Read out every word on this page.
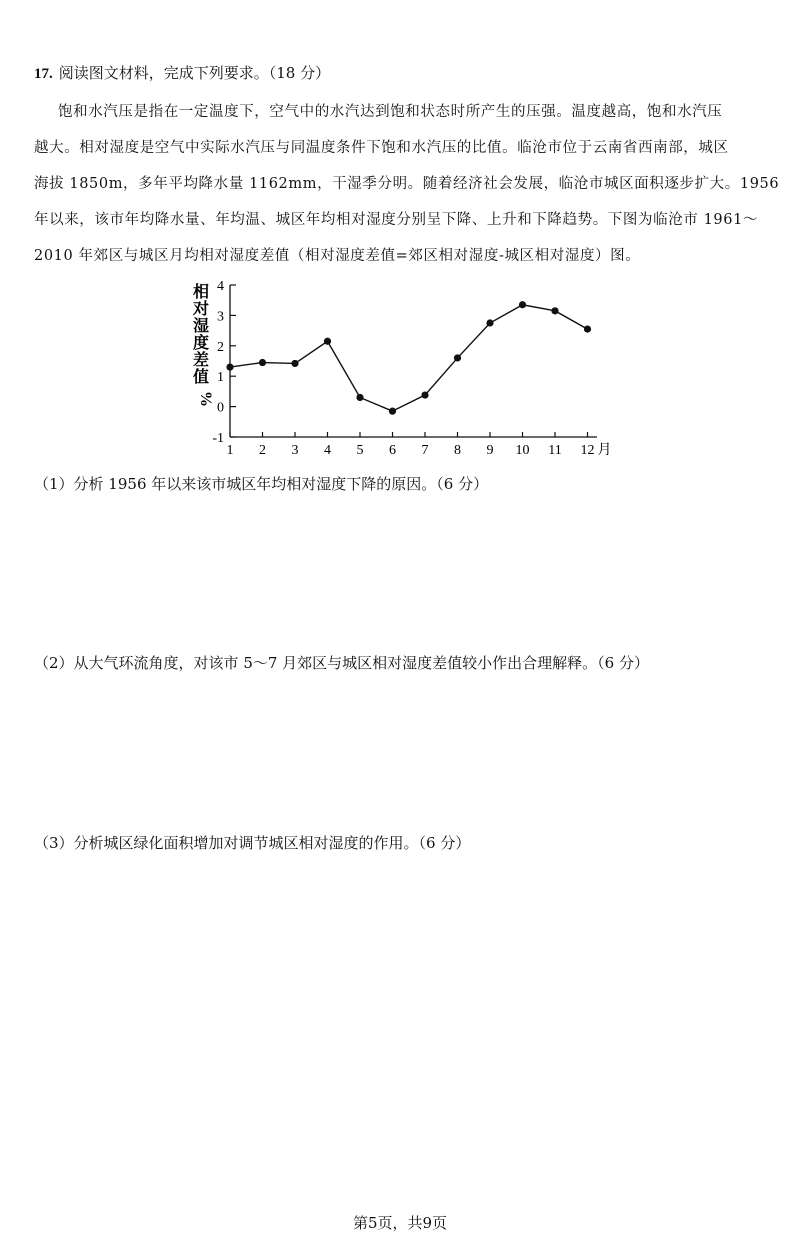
17. 阅读图文材料，完成下列要求。（18 分）
饱和水汽压是指在一定温度下，空气中的水汽达到饱和状态时所产生的压强。温度越高，饱和水汽压
越大。相对湿度是空气中实际水汽压与同温度条件下饱和水汽压的比值。临沧市位于云南省西南部，城区
海拔 1850m，多年平均降水量 1162mm，干湿季分明。随着经济社会发展，临沧市城区面积逐步扩大。1956
年以来，该市年均降水量、年均温、城区年均相对湿度分别呈下降、上升和下降趋势。下图为临沧市 1961～
2010 年郊区与城区月均相对湿度差值（相对湿度差值=郊区相对湿度-城区相对湿度）图。
相
对
湿
度
差
值
%
4
3
2
1
0
-1
1 2 3 4 5 6 7 8 9 10 11 12 月
（1）分析 1956 年以来该市城区年均相对湿度下降的原因。（6 分）
（2）从大气环流角度，对该市 5～7 月郊区与城区相对湿度差值较小作出合理解释。（6 分）
（3）分析城区绿化面积增加对调节城区相对湿度的作用。（6 分）
第5页，共9页
